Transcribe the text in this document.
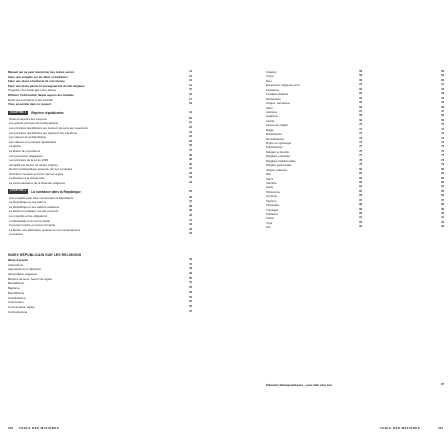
Manuel qui ne peut interpréter des textes sacrés	11
Faire une enquête sur les fêtes et traditions	12
Faire une place à la liberté de conscience	13
Faire une place pleine à l'enseignement du fait religieux	14
Organiser des échanges entre élèves	15
Diffuser l'information laïque auprès des familles	16
Éviter les exclusions et les interdits	17
Vivre ensemble dans le respect	18
CHAPITRE 1	Repères républicains	19
Droits et devoirs des citoyens	20
Les grands principes de la République	21
Les principes républicains qui donnent du sens aux questions	22
Les principes républicains qui régissent les situations	23
Les valeurs de la République	24
Les valeurs et symboles républicains	25
La laïcité	26
La liberté de conscience	27
Les personnes religieuses	28
Les principes de la loi de 1905	29
Accueillir les élèves de toutes origines	30
Rendre la République présente par ses symboles	31
Structurer l'espace commun par les règles	32
L'éducation à la citoyenneté	33
La reconnaissance de la diversité religieuse	34
CHAPITRE 2	La confiance dans la République	35
Une enquête pour faire comprendre la République	36
La République et ses valeurs	37
La République et ses valeurs solidaires	38
La laïcité en pratique: les cas concrets	39
Les interdits et les obligations	40
L'individualité et la communauté	41
Comment mettre en œuvre la laïcité	42
La laïcité, une alternative positive au communautarisme	43
Conclusion	44
INDEX RÉPUBLICAIN SUR LES RELIGIONS
Mode d'emploi	46
Adventisme	47
Agnosticisme et athéisme	48
Alimentation religieuse	49
Besoins de sens, besoin de règles	50
Bouddhisme	51
Baptême	52
Bouddhisme	53
Christianisme	54
Circoncision	55
Communauté, église	56
Confucianisme	57
100 TABLE DES MATIÈRES
Création	58
Croire	59
Dieu	60
Expérience religieuse et foi	61
Fanatisme	62
Fondamentalisme	63
Hindouisme	64
Images, caricatures	65
Islam	66
Jaïnisme	67
Judaïsme	68
Laïcité	69
Liberté de religion	70
Magie	71
Manichéisme	72
Monothéismes	73
Mythe et mythologie	74
Polythéismes	75
Religion et identité	76
Religions orientales	77
Religions traditionnelles	78
Religion personnelle,	79
religion collective	80
Rite	81
Sacré	82
Sacrifice	83
Secte	84
Shintoïsme	85
Symbole	86
Taoïsme	87
Théocratie	88
Théologie	89
Tolérance	90
Vodou	91
Yoga	92
Zen	93
58
59
60
61
62
63
64
65
66
67
68
69
70
71
72
73
74
75
76
77
78
79
80
81
82
83
84
85
86
87
88
89
90
91
92
93
Éléments bibliographiques – pour aller plus loin	97
TABLE DES MATIÈRES	101
